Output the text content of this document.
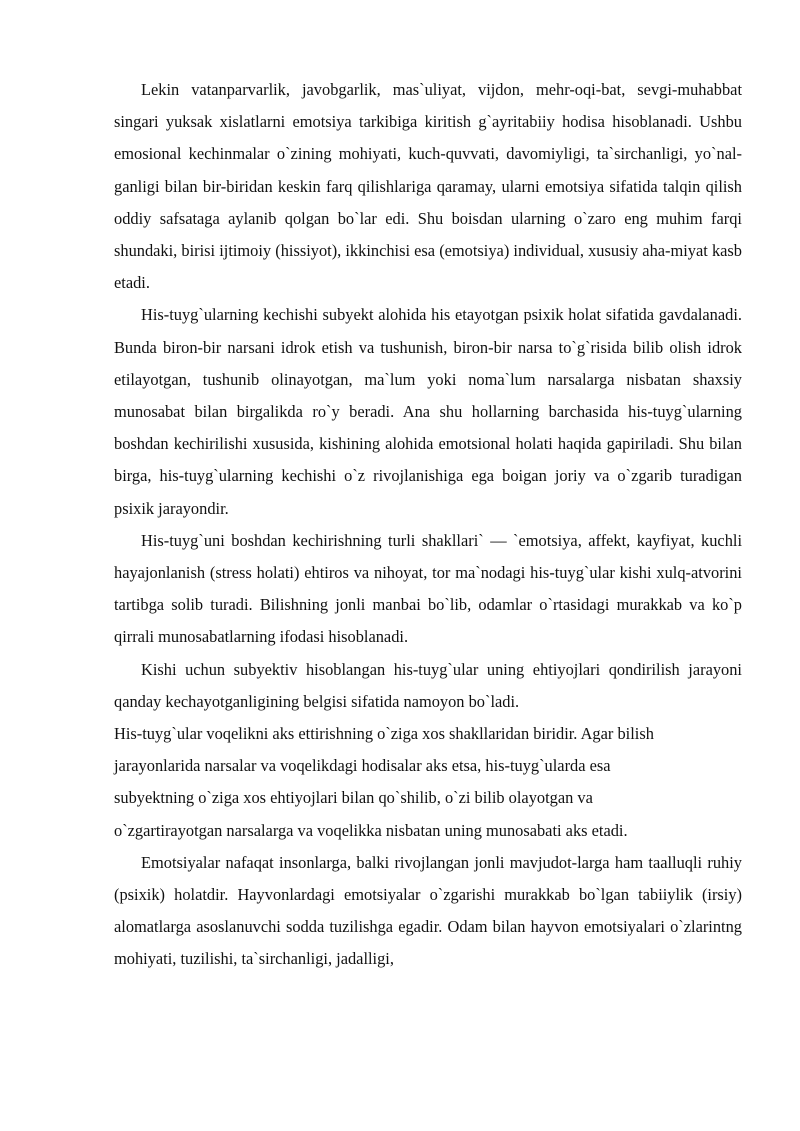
Lekin vatanparvarlik, javobgarlik, mas`uliyat, vijdon, mehr-oqi-bat, sevgi-muhabbat singari yuksak xislatlarni emotsiya tarkibiga kiritish g`ayritabiiy hodisa hisoblanadi. Ushbu emosional kechinmalar o`zining mohiyati, kuch-quvvati, davomiyligi, ta`sirchanligi, yo`nal-ganligi bilan bir-biridan keskin farq qilishlariga qaramay, ularni emotsiya sifatida talqin qilish oddiy safsataga aylanib qolgan bo`lar edi. Shu boisdan ularning o`zaro eng muhim farqi shundaki, birisi ijtimoiy (hissiyot), ikkinchisi esa (emotsiya) individual, xususiy aha-miyat kasb etadi.

His-tuyg`ularning kechishi subyekt alohida his etayotgan psixik holat sifatida gavdalanadi. Bunda biron-bir narsani idrok etish va tushunish, biron-bir narsa to`g`risida bilib olish idrok etilayotgan, tushunib olinayotgan, ma`lum yoki noma`lum narsalarga nisbatan shaxsiy munosabat bilan birgalikda ro`y beradi. Ana shu hollarning barchasida his-tuyg`ularning boshdan kechirilishi xususida, kishining alohida emotsional holati haqida gapiriladi. Shu bilan birga, his-tuyg`ularning kechishi o`z rivojlanishiga ega boigan joriy va o`zgarib turadigan psixik jarayondir.

His-tuyg`uni boshdan kechirishning turli shakllari` — `emotsiya, affekt, kayfiyat, kuchli hayajonlanish (stress holati) ehtiros va nihoyat, tor ma`nodagi his-tuyg`ular kishi xulq-atvorini tartibga solib turadi. Bilishning jonli manbai bo`lib, odamlar o`rtasidagi murakkab va ko`p qirrali munosabatlarning ifodasi hisoblanadi.

Kishi uchun subyektiv hisoblangan his-tuyg`ular uning ehtiyojlari qondirilish jarayoni qanday kechayotganligining belgisi sifatida namoyon bo`ladi.

His-tuyg`ular voqelikni aks ettirishning o`ziga xos shakllaridan biridir. Agar bilish
jarayonlarida narsalar va voqelikdagi hodisalar aks etsa, his-tuyg`ularda esa
subyektning o`ziga xos ehtiyojlari bilan qo`shilib, o`zi bilib olayotgan va
o`zgartirayotgan narsalarga va voqelikka nisbatan uning munosabati aks etadi.

Emotsiyalar nafaqat insonlarga, balki rivojlangan jonli mavjudot-larga ham taalluqli ruhiy (psixik) holatdir. Hayvonlardagi emotsiyalar o`zgarishi murakkab bo`lgan tabiiylik (irsiy) alomatlarga asoslanuvchi sodda tuzilishga egadir. Odam bilan hayvon emotsiyalari o`zlarintng mohiyati, tuzilishi, ta`sirchanligi, jadalligi,
